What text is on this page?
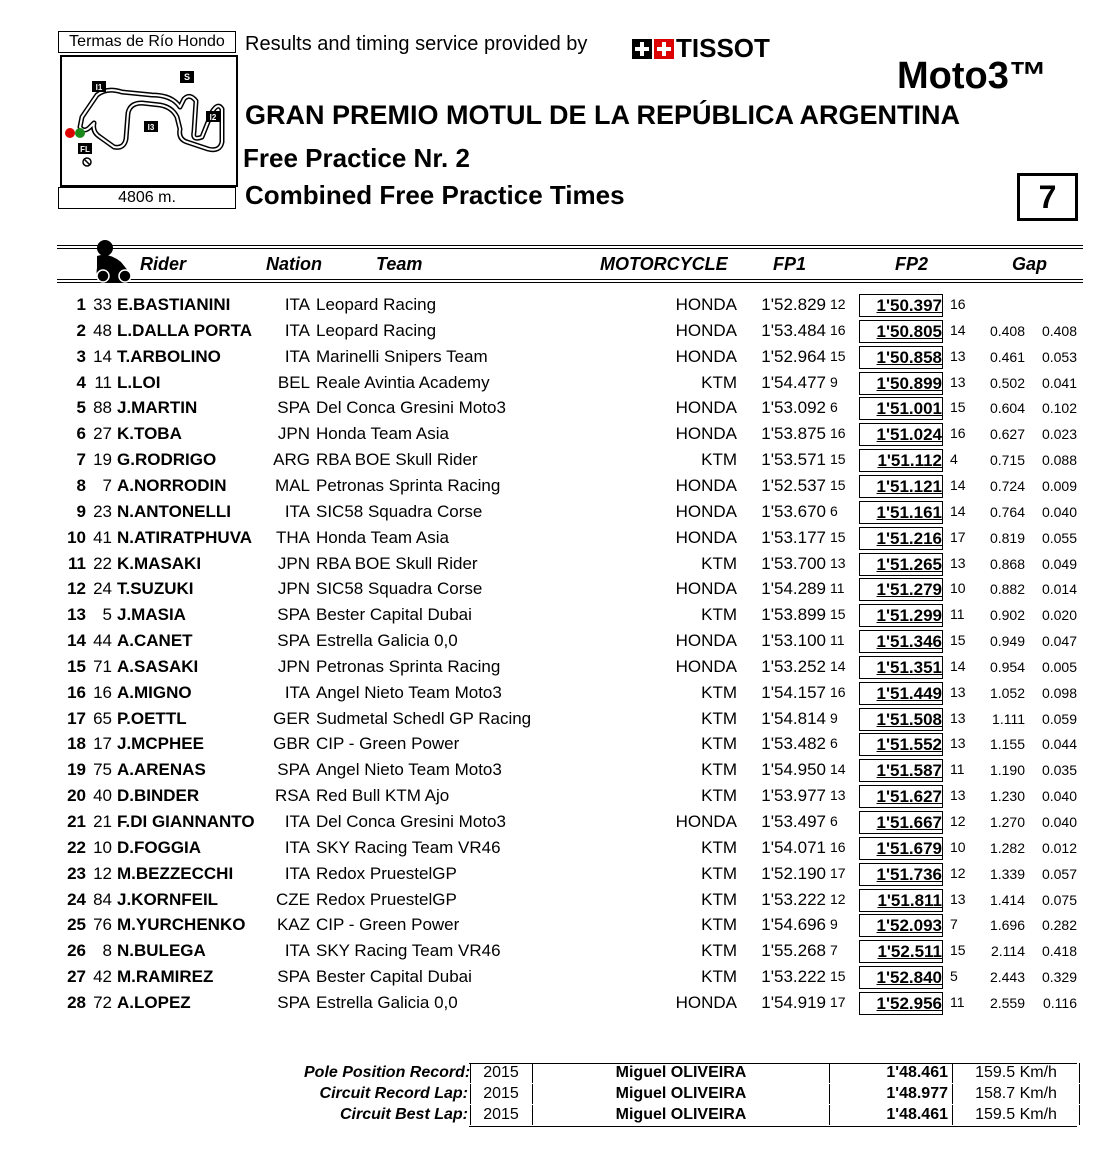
Termas de Río Hondo
I1
S
I2
I3
FL
4806 m.
Results and timing service provided by	TISSOT
Moto3™
GRAN PREMIO MOTUL DE LA REPÚBLICA ARGENTINA
Free Practice Nr. 2
Combined Free Practice Times	7
Rider	Nation	Team	MOTORCYCLE	FP1	FP2	Gap
1 33 E.BASTIANINI	ITA Leopard Racing	HONDA	1'52.829 12	1'50.397 16
2 48 L.DALLA PORTA	ITA Leopard Racing	HONDA	1'53.484 16	1'50.805 14	0.408	0.408
3 14 T.ARBOLINO	ITA Marinelli Snipers Team	HONDA	1'52.964 15	1'50.858 13	0.461	0.053
4 11 L.LOI	BEL Reale Avintia Academy	KTM	1'54.477 9	1'50.899 13	0.502	0.041
5 88 J.MARTIN	SPA Del Conca Gresini Moto3	HONDA	1'53.092 6	1'51.001 15	0.604	0.102
6 27 K.TOBA	JPN Honda Team Asia	HONDA	1'53.875 16	1'51.024 16	0.627	0.023
7 19 G.RODRIGO	ARG RBA BOE Skull Rider	KTM	1'53.571 15	1'51.112 4	0.715	0.088
8 7 A.NORRODIN	MAL Petronas Sprinta Racing	HONDA	1'52.537 15	1'51.121 14	0.724	0.009
9 23 N.ANTONELLI	ITA SIC58 Squadra Corse	HONDA	1'53.670 6	1'51.161 14	0.764	0.040
10 41 N.ATIRATPHUVA THA Honda Team Asia	HONDA	1'53.177 15	1'51.216 17	0.819	0.055
11 22 K.MASAKI	JPN RBA BOE Skull Rider	KTM	1'53.700 13	1'51.265 13	0.868	0.049
12 24 T.SUZUKI	JPN SIC58 Squadra Corse	HONDA	1'54.289 11	1'51.279 10	0.882	0.014
13 5 J.MASIA	SPA Bester Capital Dubai	KTM	1'53.899 15	1'51.299 11	0.902	0.020
14 44 A.CANET	SPA Estrella Galicia 0,0	HONDA	1'53.100 11	1'51.346 15	0.949	0.047
15 71 A.SASAKI	JPN Petronas Sprinta Racing	HONDA	1'53.252 14	1'51.351 14	0.954	0.005
16 16 A.MIGNO	ITA Angel Nieto Team Moto3	KTM	1'54.157 16	1'51.449 13	1.052	0.098
17 65 P.OETTL	GER Sudmetal Schedl GP Racing	KTM	1'54.814 9	1'51.508 13	1.111	0.059
18 17 J.MCPHEE	GBR CIP - Green Power	KTM	1'53.482 6	1'51.552 13	1.155	0.044
19 75 A.ARENAS	SPA Angel Nieto Team Moto3	KTM	1'54.950 14	1'51.587 11	1.190	0.035
20 40 D.BINDER	RSA Red Bull KTM Ajo	KTM	1'53.977 13	1'51.627 13	1.230	0.040
21 21 F.DI GIANNANTO	ITA Del Conca Gresini Moto3	HONDA	1'53.497 6	1'51.667 12	1.270	0.040
22 10 D.FOGGIA	ITA SKY Racing Team VR46	KTM	1'54.071 16	1'51.679 10	1.282	0.012
23 12 M.BEZZECCHI	ITA Redox PruestelGP	KTM	1'52.190 17	1'51.736 12	1.339	0.057
24 84 J.KORNFEIL	CZE Redox PruestelGP	KTM	1'53.222 12	1'51.811 13	1.414	0.075
25 76 M.YURCHENKO KAZ CIP - Green Power	KTM	1'54.696 9	1'52.093 7	1.696	0.282
26 8 N.BULEGA	ITA SKY Racing Team VR46	KTM	1'55.268 7	1'52.511 15	2.114	0.418
27 42 M.RAMIREZ	SPA Bester Capital Dubai	KTM	1'53.222 15	1'52.840 5	2.443	0.329
28 72 A.LOPEZ	SPA Estrella Galicia 0,0	HONDA	1'54.919 17	1'52.956 11	2.559	0.116
Pole Position Record: 2015	Miguel OLIVEIRA	1'48.461	159.5 Km/h
Circuit Record Lap: 2015	Miguel OLIVEIRA	1'48.977	158.7 Km/h
Circuit Best Lap: 2015	Miguel OLIVEIRA	1'48.461	159.5 Km/h
